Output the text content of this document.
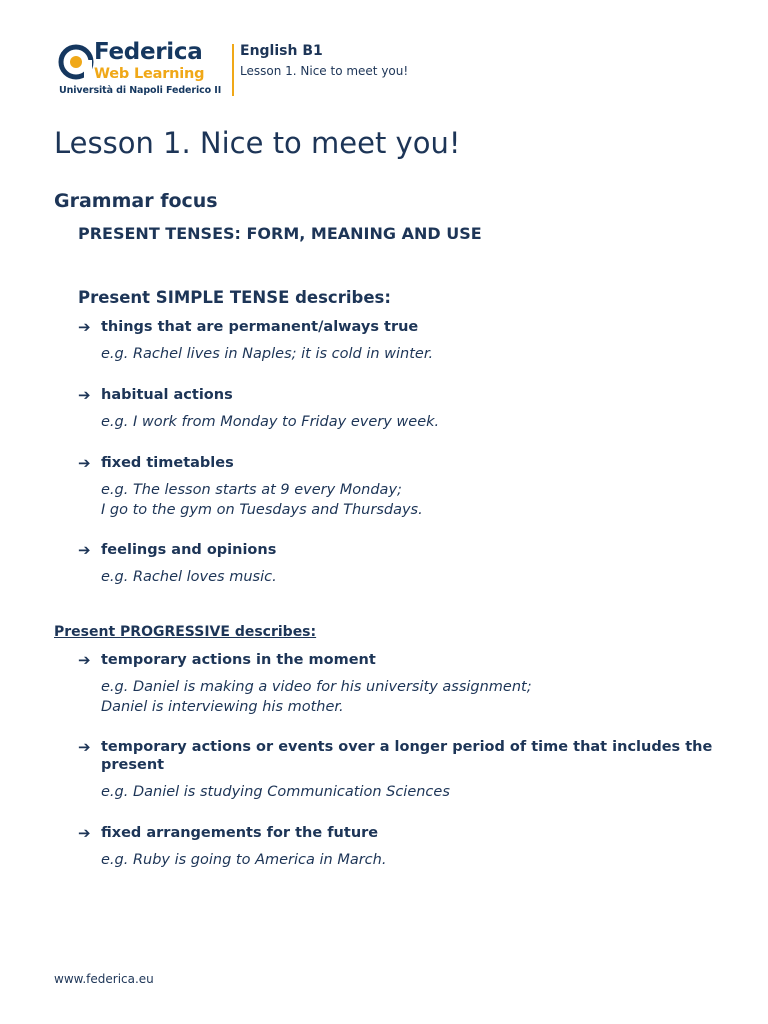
Federica
Web Learning
Università di Napoli Federico II
English B1
Lesson 1. Nice to meet you!
Lesson 1. Nice to meet you!
Grammar focus
PRESENT TENSES: FORM, MEANING AND USE
Present SIMPLE TENSE describes:
➔ things that are permanent/always true
e.g. Rachel lives in Naples; it is cold in winter.
➔ habitual actions
e.g. I work from Monday to Friday every week.
➔ fixed timetables
e.g. The lesson starts at 9 every Monday;
I go to the gym on Tuesdays and Thursdays.
➔ feelings and opinions
e.g. Rachel loves music.
Present PROGRESSIVE describes:
➔ temporary actions in the moment
e.g. Daniel is making a video for his university assignment;
Daniel is interviewing his mother.
➔ temporary actions or events over a longer period of time that includes the present
e.g. Daniel is studying Communication Sciences
➔ fixed arrangements for the future
e.g. Ruby is going to America in March.
www.federica.eu
